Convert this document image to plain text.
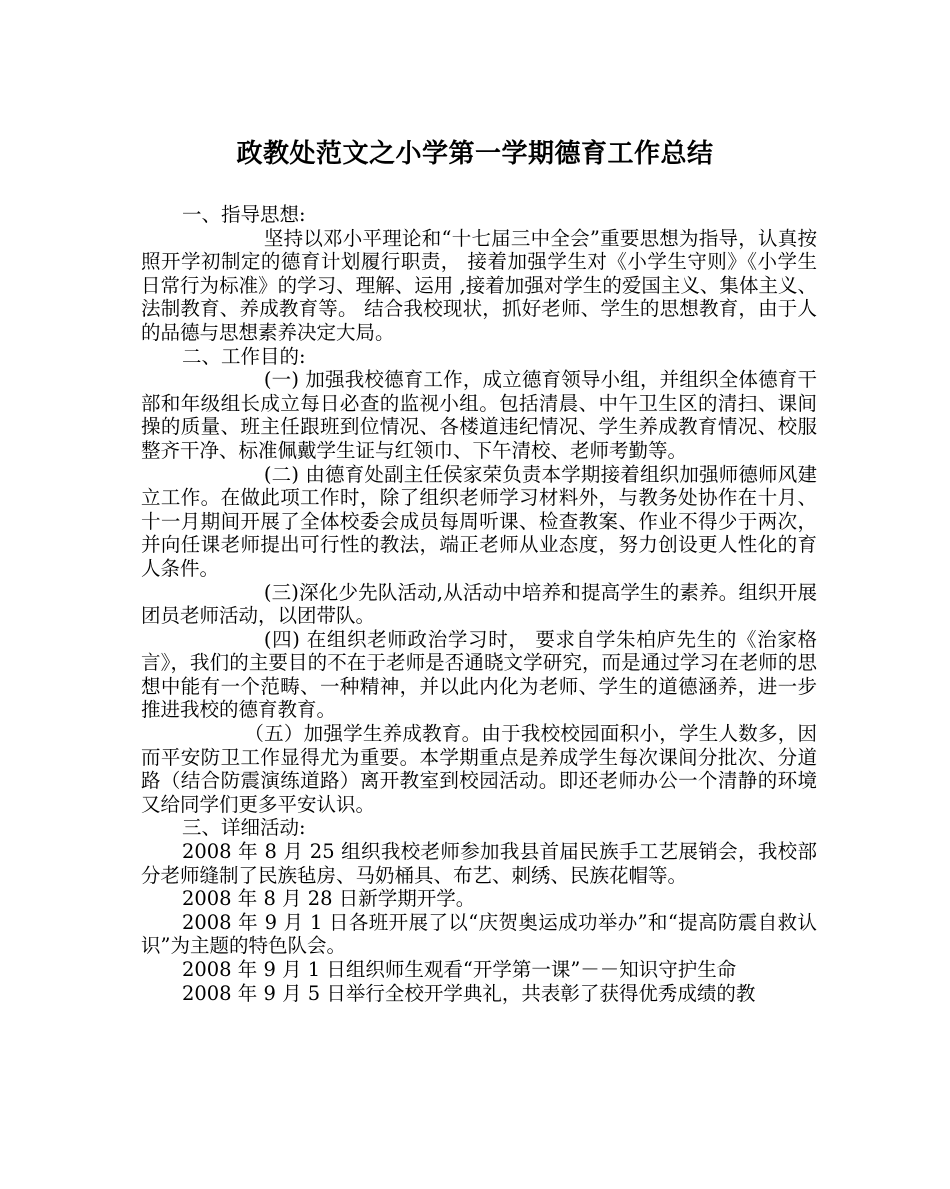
政教处范文之小学第一学期德育工作总结

一、指导思想:

坚持以邓小平理论和“十七届三中全会”重要思想为指导，认真按照开学初制定的德育计划履行职责， 接着加强学生对《小学生守则》《小学生日常行为标准》的学习、理解、运用 ,接着加强对学生的爱国主义、集体主义、法制教育、养成教育等。 结合我校现状，抓好老师、学生的思想教育，由于人的品德与思想素养决定大局。

二、工作目的:

(一) 加强我校德育工作，成立德育领导小组，并组织全体德育干部和年级组长成立每日必查的监视小组。包括清晨、中午卫生区的清扫、课间操的质量、班主任跟班到位情况、各楼道违纪情况、学生养成教育情况、校服整齐干净、标准佩戴学生证与红领巾、下午清校、老师考勤等。

(二) 由德育处副主任侯家荣负责本学期接着组织加强师德师风建立工作。在做此项工作时，除了组织老师学习材料外，与教务处协作在十月、十一月期间开展了全体校委会成员每周听课、检查教案、作业不得少于两次，并向任课老师提出可行性的教法，端正老师从业态度，努力创设更人性化的育人条件。

(三)深化少先队活动,从活动中培养和提高学生的素养。组织开展团员老师活动，以团带队。

(四) 在组织老师政治学习时， 要求自学朱柏庐先生的《治家格言》，我们的主要目的不在于老师是否通晓文学研究，而是通过学习在老师的思想中能有一个范畴、一种精神，并以此内化为老师、学生的道德涵养，进一步推进我校的德育教育。

（五）加强学生养成教育。由于我校校园面积小，学生人数多，因而平安防卫工作显得尤为重要。本学期重点是养成学生每次课间分批次、分道路（结合防震演练道路）离开教室到校园活动。即还老师办公一个清静的环境又给同学们更多平安认识。

三、详细活动:

2008 年 8 月 25 组织我校老师参加我县首届民族手工艺展销会，我校部分老师缝制了民族毡房、马奶桶具、布艺、刺绣、民族花帽等。

2008 年 8 月 28 日新学期开学。

2008 年 9 月 1 日各班开展了以“庆贺奥运成功举办”和“提高防震自救认识”为主题的特色队会。

2008 年 9 月 1 日组织师生观看“开学第一课”－－知识守护生命

2008 年 9 月 5 日举行全校开学典礼，共表彰了获得优秀成绩的教
